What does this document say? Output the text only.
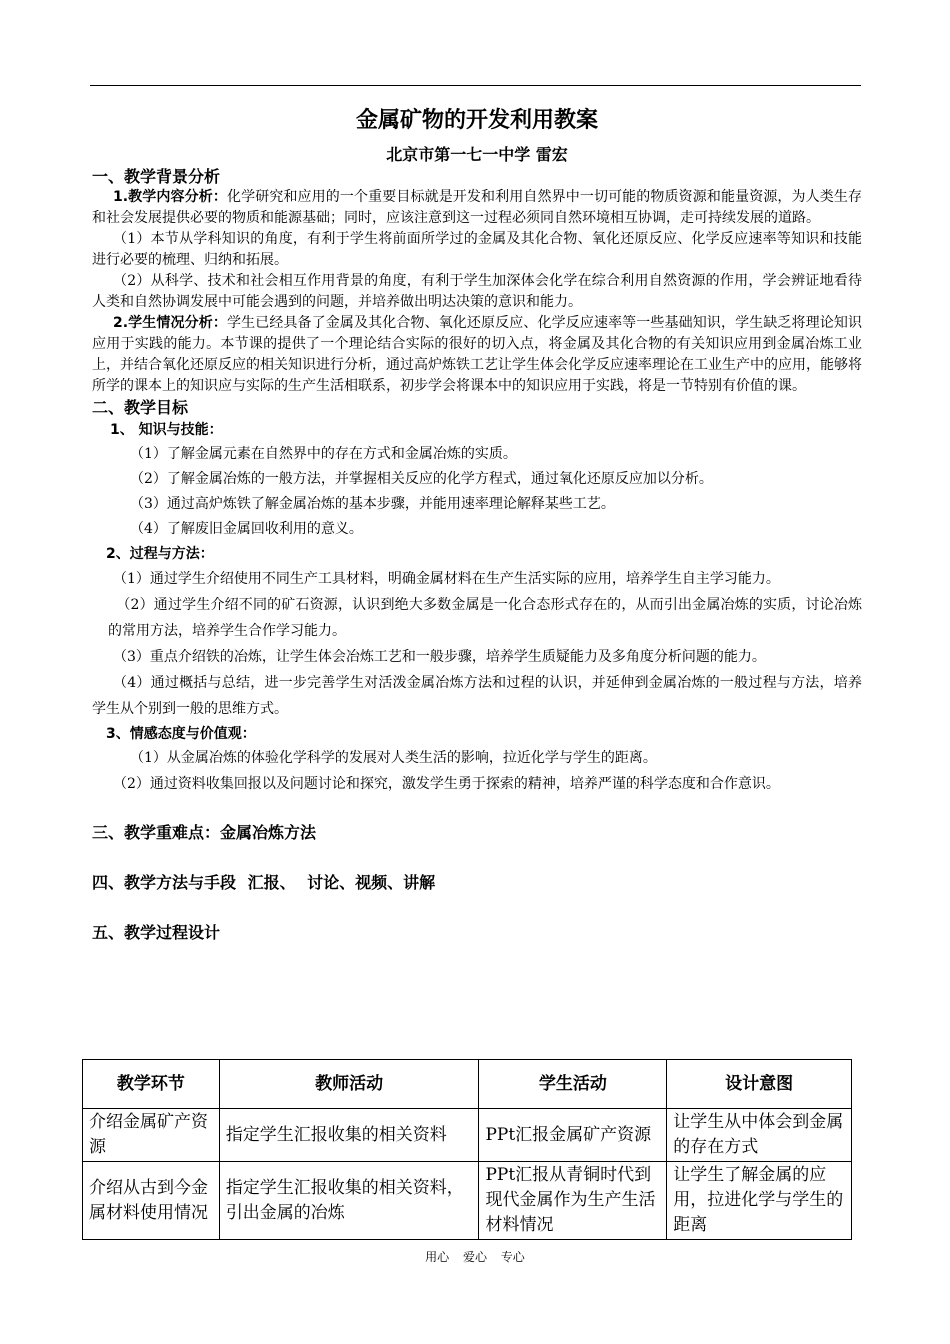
金属矿物的开发利用教案
北京市第一七一中学 雷宏
一、教学背景分析

1.教学内容分析：化学研究和应用的一个重要目标就是开发和利用自然界中一切可能的物质资源和能量资源，为人类生存和社会发展提供必要的物质和能源基础；同时，应该注意到这一过程必须同自然环境相互协调，走可持续发展的道路。

（1）本节从学科知识的角度，有利于学生将前面所学过的金属及其化合物、氧化还原反应、化学反应速率等知识和技能进行必要的梳理、归纳和拓展。

（2）从科学、技术和社会相互作用背景的角度，有利于学生加深体会化学在综合利用自然资源的作用，学会辨证地看待人类和自然协调发展中可能会遇到的问题，并培养做出明达决策的意识和能力。

2.学生情况分析：学生已经具备了金属及其化合物、氧化还原反应、化学反应速率等一些基础知识，学生缺乏将理论知识应用于实践的能力。本节课的提供了一个理论结合实际的很好的切入点，将金属及其化合物的有关知识应用到金属冶炼工业上，并结合氧化还原反应的相关知识进行分析，通过高炉炼铁工艺让学生体会化学反应速率理论在工业生产中的应用，能够将所学的课本上的知识应与实际的生产生活相联系，初步学会将课本中的知识应用于实践，将是一节特别有价值的课。

二、教学目标
1、 知识与技能：

（1）了解金属元素在自然界中的存在方式和金属冶炼的实质。

（2）了解金属冶炼的一般方法，并掌握相关反应的化学方程式，通过氧化还原反应加以分析。

（3）通过高炉炼铁了解金属冶炼的基本步骤，并能用速率理论解释某些工艺。

（4）了解废旧金属回收利用的意义。

2、过程与方法：

（1）通过学生介绍使用不同生产工具材料，明确金属材料在生产生活实际的应用，培养学生自主学习能力。

（2）通过学生介绍不同的矿石资源，认识到绝大多数金属是一化合态形式存在的，从而引出金属冶炼的实质，讨论冶炼的常用方法，培养学生合作学习能力。

（3）重点介绍铁的冶炼，让学生体会冶炼工艺和一般步骤，培养学生质疑能力及多角度分析问题的能力。

（4）通过概括与总结，进一步完善学生对活泼金属冶炼方法和过程的认识，并延伸到金属冶炼的一般过程与方法，培养学生从个别到一般的思维方式。

3、情感态度与价值观：

（1）从金属冶炼的体验化学科学的发展对人类生活的影响，拉近化学与学生的距离。

（2）通过资料收集回报以及问题讨论和探究，激发学生勇于探索的精神，培养严谨的科学态度和合作意识。

三、教学重难点：金属冶炼方法
四、教学方法与手段 汇报、 讨论、视频、讲解
五、教学过程设计
教学环节	教师活动	学生活动	设计意图
介绍金属矿产资源	指定学生汇报收集的相关资料	PPt汇报金属矿产资源	让学生从中体会到金属的存在方式
介绍从古到今金属材料使用情况	指定学生汇报收集的相关资料，引出金属的冶炼	PPt汇报从青铜时代到现代金属作为生产生活材料情况	让学生了解金属的应用，拉进化学与学生的距离
用心 爱心 专心
